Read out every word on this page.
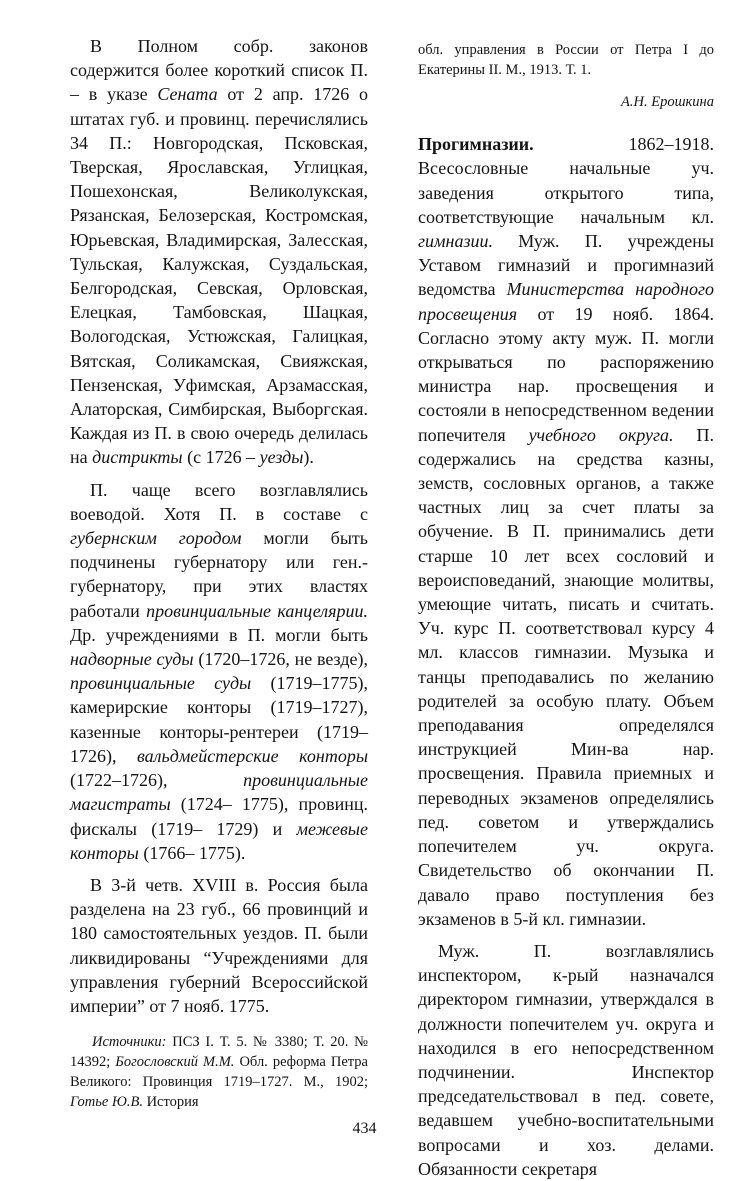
В Полном собр. законов содержится более короткий список П. – в указе Сената от 2 апр. 1726 о штатах губ. и провинц. перечислялись 34 П.: Новгородская, Псковская, Тверская, Ярославская, Углицкая, Пошехонская, Великолукская, Рязанская, Белозерская, Костромская, Юрьевская, Владимирская, Залесская, Тульская, Калужская, Суздальская, Белгородская, Севская, Орловская, Елецкая, Тамбовская, Шацкая, Вологодская, Устюжская, Галицкая, Вятская, Соликамская, Свияжская, Пензенская, Уфимская, Арзамасская, Алаторская, Симбирская, Выборгская. Каждая из П. в свою очередь делилась на дистрикты (с 1726 – уезды).

П. чаще всего возглавлялись воеводой. Хотя П. в составе с губернским городом могли быть подчинены губернатору или ген.-губернатору, при этих властях работали провинциальные канцелярии. Др. учреждениями в П. могли быть надворные суды (1720–1726, не везде), провинциальные суды (1719–1775), камерирские конторы (1719–1727), казенные конторы-рентереи (1719–1726), вальдмейстерские конторы (1722–1726), провинциальные магистраты (1724– 1775), провинц. фискалы (1719– 1729) и межевые конторы (1766– 1775).

В 3-й четв. XVIII в. Россия была разделена на 23 губ., 66 провинций и 180 самостоятельных уездов. П. были ликвидированы “Учреждениями для управления губерний Всероссийской империи” от 7 нояб. 1775.

Источники: ПСЗ I. Т. 5. № 3380; Т. 20. № 14392; Богословский М.М. Обл. реформа Петра Великого: Провинция 1719–1727. М., 1902; Готье Ю.В. История

обл. управления в России от Петра I до Екатерины II. М., 1913. Т. 1.

А.Н. Ерошкина

Прогимназии. 1862–1918. Всесословные начальные уч. заведения открытого типа, соответствующие начальным кл. гимназии. Муж. П. учреждены Уставом гимназий и прогимназий ведомства Министерства народного просвещения от 19 нояб. 1864. Согласно этому акту муж. П. могли открываться по распоряжению министра нар. просвещения и состояли в непосредственном ведении попечителя учебного округа. П. содержались на средства казны, земств, сословных органов, а также частных лиц за счет платы за обучение. В П. принимались дети старше 10 лет всех сословий и вероисповеданий, знающие молитвы, умеющие читать, писать и считать. Уч. курс П. соответствовал курсу 4 мл. классов гимназии. Музыка и танцы преподавались по желанию родителей за особую плату. Объем преподавания определялся инструкцией Мин-ва нар. просвещения. Правила приемных и переводных экзаменов определялись пед. советом и утверждались попечителем уч. округа. Свидетельство об окончании П. давало право поступления без экзаменов в 5-й кл. гимназии.

Муж. П. возглавлялись инспектором, к-рый назначался директором гимназии, утверждался в должности попечителем уч. округа и находился в его непосредственном подчинении. Инспектор председательствовал в пед. совете, ведавшем учебно-воспитательными вопросами и хоз. делами. Обязанности секретаря

434
